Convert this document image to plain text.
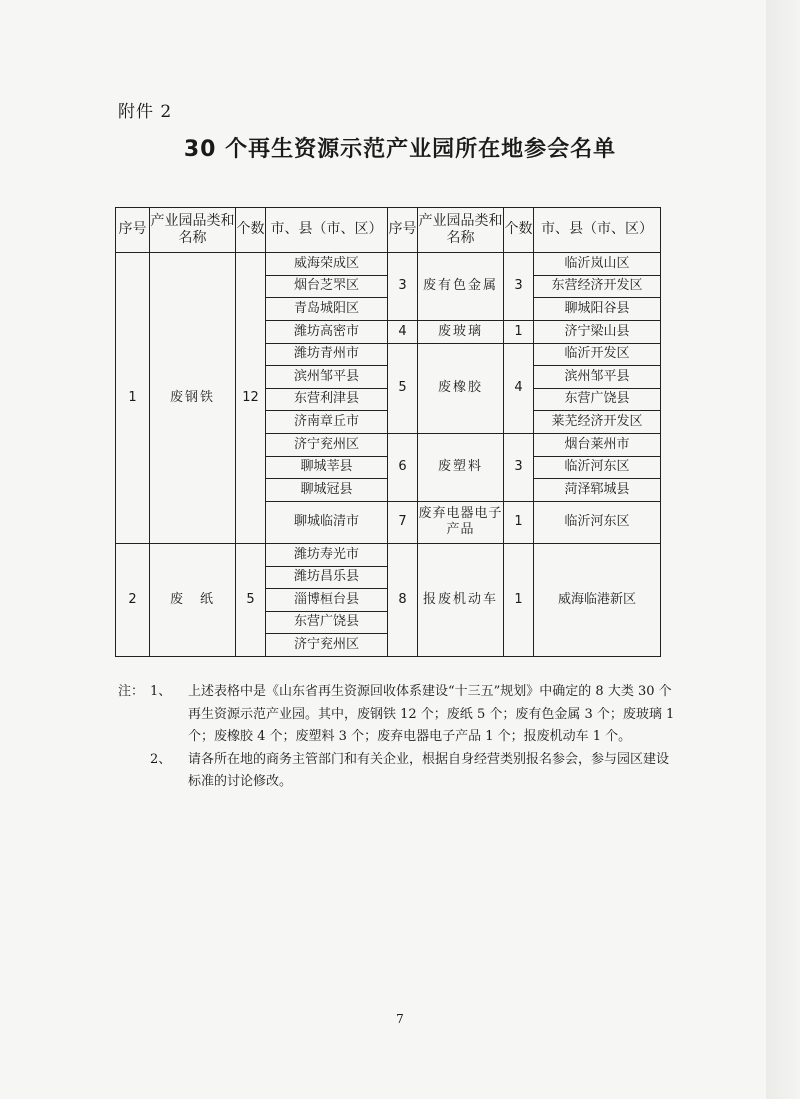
附件 2
30 个再生资源示范产业园所在地参会名单
序号	产业园品类和名称	个数	市、县（市、区）	序号	产业园品类和名称	个数	市、县（市、区）
1	废钢铁	12	威海荣成区	3	废有色金属	3	临沂岚山区
			烟台芝罘区				东营经济开发区
			青岛城阳区				聊城阳谷县
			潍坊高密市	4	废玻璃	1	济宁梁山县
			潍坊青州市	5	废橡胶	4	临沂开发区
			滨州邹平县				滨州邹平县
			东营利津县				东营广饶县
			济南章丘市				莱芜经济开发区
			济宁兖州区	6	废塑料	3	烟台莱州市
			聊城莘县				临沂河东区
			聊城冠县				菏泽郓城县
			聊城临清市	7	废弃电器电子产品	1	临沂河东区
2	废　纸	5	潍坊寿光市	8	报废机动车	1	威海临港新区
			潍坊昌乐县				
			淄博桓台县				
			东营广饶县				
			济宁兖州区				
注： 1、	上述表格中是《山东省再生资源回收体系建设“十三五”规划》中确定的 8 大类 30 个再生资源示范产业园。其中，废钢铁 12 个；废纸 5 个；废有色金属 3 个；废玻璃 1 个；废橡胶 4 个；废塑料 3 个；废弃电器电子产品 1 个；报废机动车 1 个。
2、	请各所在地的商务主管部门和有关企业，根据自身经营类别报名参会，参与园区建设标准的讨论修改。
7
